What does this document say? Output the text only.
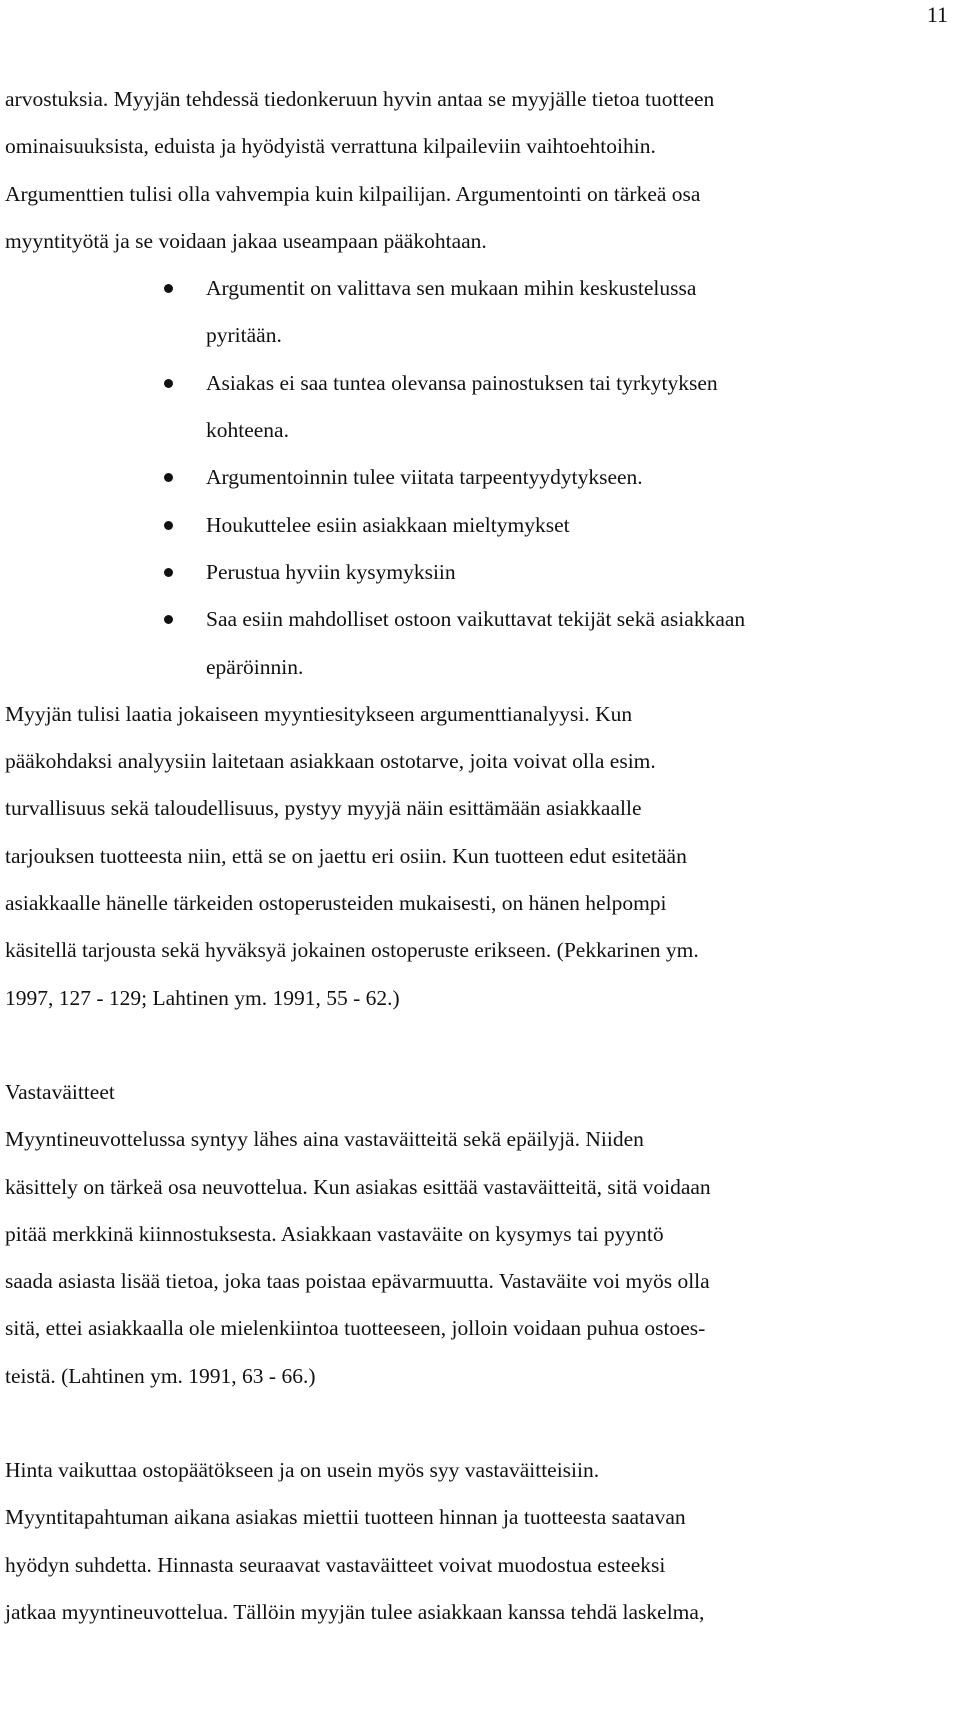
11

arvostuksia. Myyjän tehdessä tiedonkeruun hyvin antaa se myyjälle tietoa tuotteen

ominaisuuksista, eduista ja hyödyistä verrattuna kilpaileviin vaihtoehtoihin.

Argumenttien tulisi olla vahvempia kuin kilpailijan. Argumentointi on tärkeä osa

myyntityötä ja se voidaan jakaa useampaan pääkohtaan.

Argumentit on valittava sen mukaan mihin keskustelussa

pyritään.

Asiakas ei saa tuntea olevansa painostuksen tai tyrkytyksen

kohteena.

Argumentoinnin tulee viitata tarpeentyydytykseen.

Houkuttelee esiin asiakkaan mieltymykset

Perustua hyviin kysymyksiin

Saa esiin mahdolliset ostoon vaikuttavat tekijät sekä asiakkaan

epäröinnin.

Myyjän tulisi laatia jokaiseen myyntiesitykseen argumenttianalyysi. Kun

pääkohdaksi analyysiin laitetaan asiakkaan ostotarve, joita voivat olla esim.

turvallisuus sekä taloudellisuus, pystyy myyjä näin esittämään asiakkaalle

tarjouksen tuotteesta niin, että se on jaettu eri osiin. Kun tuotteen edut esitetään

asiakkaalle hänelle tärkeiden ostoperusteiden mukaisesti, on hänen helpompi

käsitellä tarjousta sekä hyväksyä jokainen ostoperuste erikseen. (Pekkarinen ym.

1997, 127 - 129; Lahtinen ym. 1991, 55 - 62.)

Vastaväitteet

Myyntineuvottelussa syntyy lähes aina vastaväitteitä sekä epäilyjä. Niiden

käsittely on tärkeä osa neuvottelua. Kun asiakas esittää vastaväitteitä, sitä voidaan

pitää merkkinä kiinnostuksesta. Asiakkaan vastaväite on kysymys tai pyyntö

saada asiasta lisää tietoa, joka taas poistaa epävarmuutta. Vastaväite voi myös olla

sitä, ettei asiakkaalla ole mielenkiintoa tuotteeseen, jolloin voidaan puhua ostoes-

teistä. (Lahtinen ym. 1991, 63 - 66.)

Hinta vaikuttaa ostopäätökseen ja on usein myös syy vastaväitteisiin.

Myyntitapahtuman aikana asiakas miettii tuotteen hinnan ja tuotteesta saatavan

hyödyn suhdetta. Hinnasta seuraavat vastaväitteet voivat muodostua esteeksi

jatkaa myyntineuvottelua. Tällöin myyjän tulee asiakkaan kanssa tehdä laskelma,
